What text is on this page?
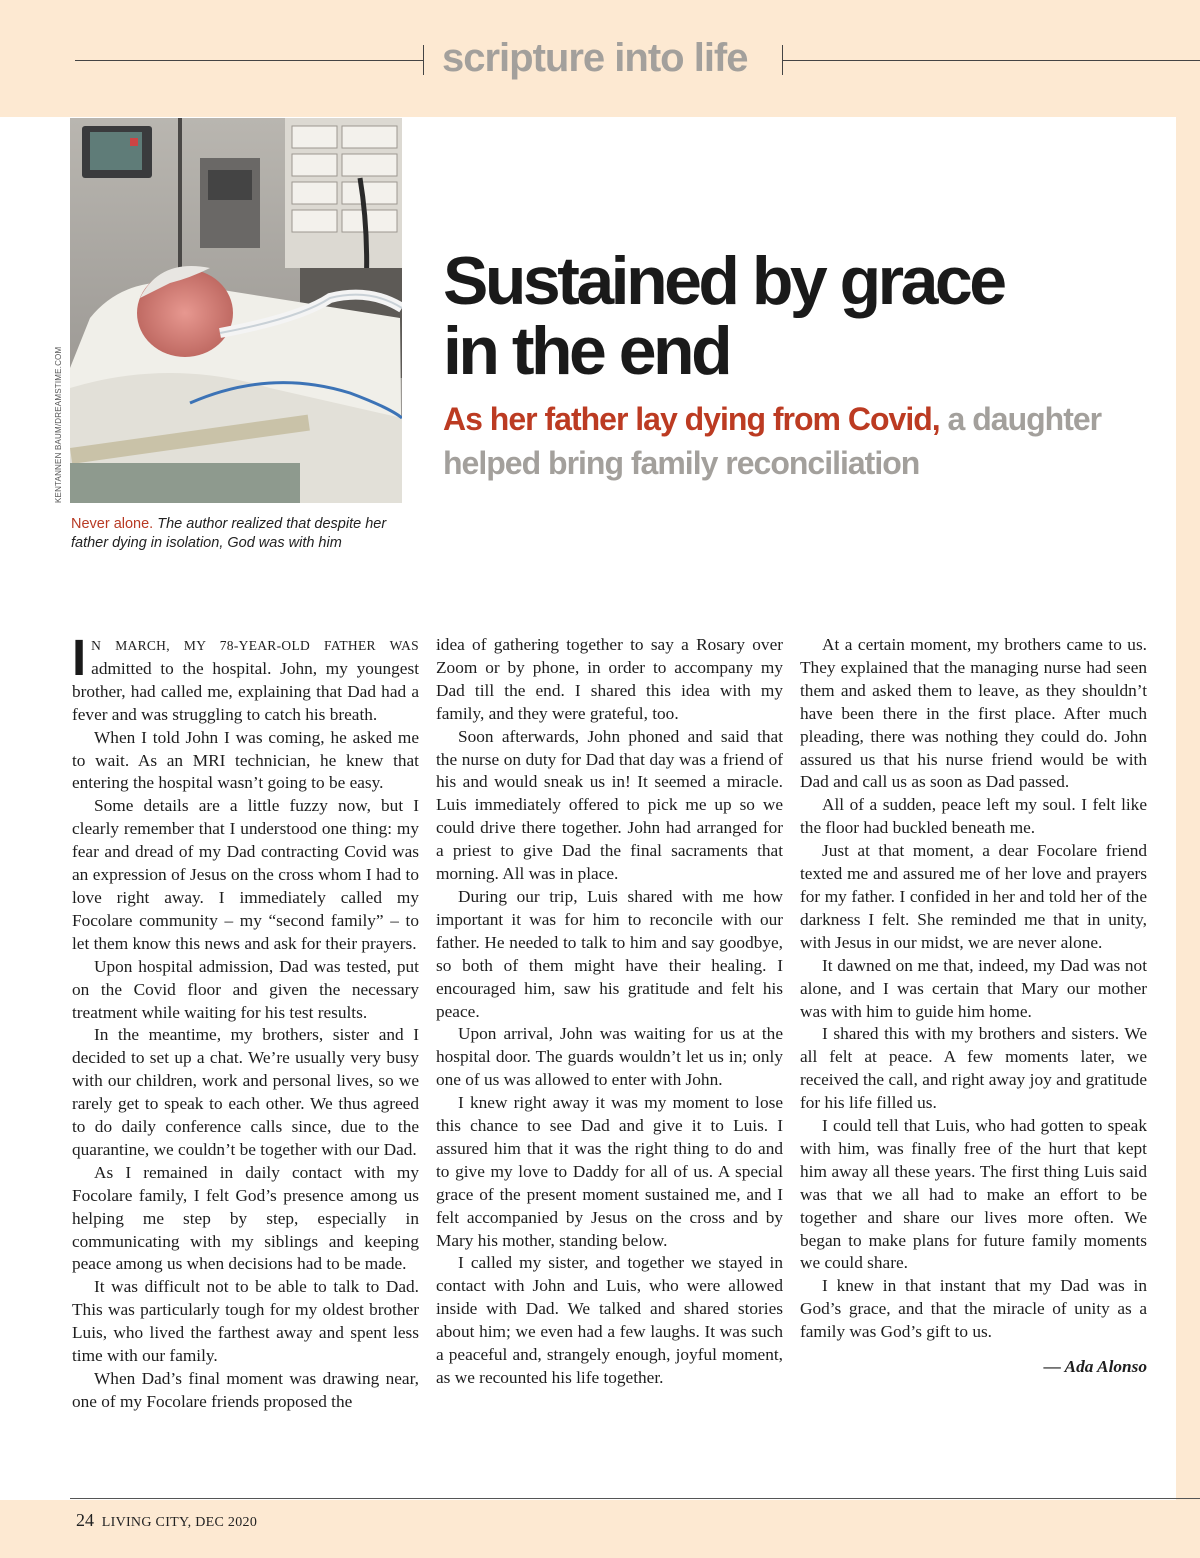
scripture into life
KENTANNEN BAUM/DREAMSTIME.COM
Never alone. The author realized that despite her father dying in isolation, God was with him
Sustained by grace
in the end

As her father lay dying from Covid, a daughter helped bring family reconciliation

I N MARCH, MY 78-YEAR-OLD FATHER WAS admitted to the hospital. John, my youngest brother, had called me, explaining that Dad had a fever and was struggling to catch his breath.

When I told John I was coming, he asked me to wait. As an MRI technician, he knew that entering the hospital wasn’t going to be easy.

Some details are a little fuzzy now, but I clearly remember that I understood one thing: my fear and dread of my Dad contracting Covid was an expression of Jesus on the cross whom I had to love right away. I immediately called my Focolare community – my “second family” – to let them know this news and ask for their prayers.

Upon hospital admission, Dad was tested, put on the Covid floor and given the necessary treatment while waiting for his test results.

In the meantime, my brothers, sister and I decided to set up a chat. We’re usually very busy with our children, work and personal lives, so we rarely get to speak to each other. We thus agreed to do daily conference calls since, due to the quarantine, we couldn’t be together with our Dad.

As I remained in daily contact with my Focolare family, I felt God’s presence among us helping me step by step, especially in communicating with my siblings and keeping peace among us when decisions had to be made.

It was difficult not to be able to talk to Dad. This was particularly tough for my oldest brother Luis, who lived the farthest away and spent less time with our family.

When Dad’s final moment was drawing near, one of my Focolare friends proposed the

idea of gathering together to say a Rosary over Zoom or by phone, in order to accompany my Dad till the end. I shared this idea with my family, and they were grateful, too.

Soon afterwards, John phoned and said that the nurse on duty for Dad that day was a friend of his and would sneak us in! It seemed a miracle. Luis immediately offered to pick me up so we could drive there together. John had arranged for a priest to give Dad the final sacraments that morning. All was in place.

During our trip, Luis shared with me how important it was for him to reconcile with our father. He needed to talk to him and say goodbye, so both of them might have their healing. I encouraged him, saw his gratitude and felt his peace.

Upon arrival, John was waiting for us at the hospital door. The guards wouldn’t let us in; only one of us was allowed to enter with John.

I knew right away it was my moment to lose this chance to see Dad and give it to Luis. I assured him that it was the right thing to do and to give my love to Daddy for all of us. A special grace of the present moment sustained me, and I felt accompanied by Jesus on the cross and by Mary his mother, standing below.

I called my sister, and together we stayed in contact with John and Luis, who were allowed inside with Dad. We talked and shared stories about him; we even had a few laughs. It was such a peaceful and, strangely enough, joyful moment, as we recounted his life together.

At a certain moment, my brothers came to us. They explained that the managing nurse had seen them and asked them to leave, as they shouldn’t have been there in the first place. After much pleading, there was nothing they could do. John assured us that his nurse friend would be with Dad and call us as soon as Dad passed.

All of a sudden, peace left my soul. I felt like the floor had buckled beneath me.

Just at that moment, a dear Focolare friend texted me and assured me of her love and prayers for my father. I confided in her and told her of the darkness I felt. She reminded me that in unity, with Jesus in our midst, we are never alone.

It dawned on me that, indeed, my Dad was not alone, and I was certain that Mary our mother was with him to guide him home.

I shared this with my brothers and sisters. We all felt at peace. A few moments later, we received the call, and right away joy and gratitude for his life filled us.

I could tell that Luis, who had gotten to speak with him, was finally free of the hurt that kept him away all these years. The first thing Luis said was that we all had to make an effort to be together and share our lives more often. We began to make plans for future family moments we could share.

I knew in that instant that my Dad was in God’s grace, and that the miracle of unity as a family was God’s gift to us.

— Ada Alonso

24 LIVING CITY, DEC 2020
